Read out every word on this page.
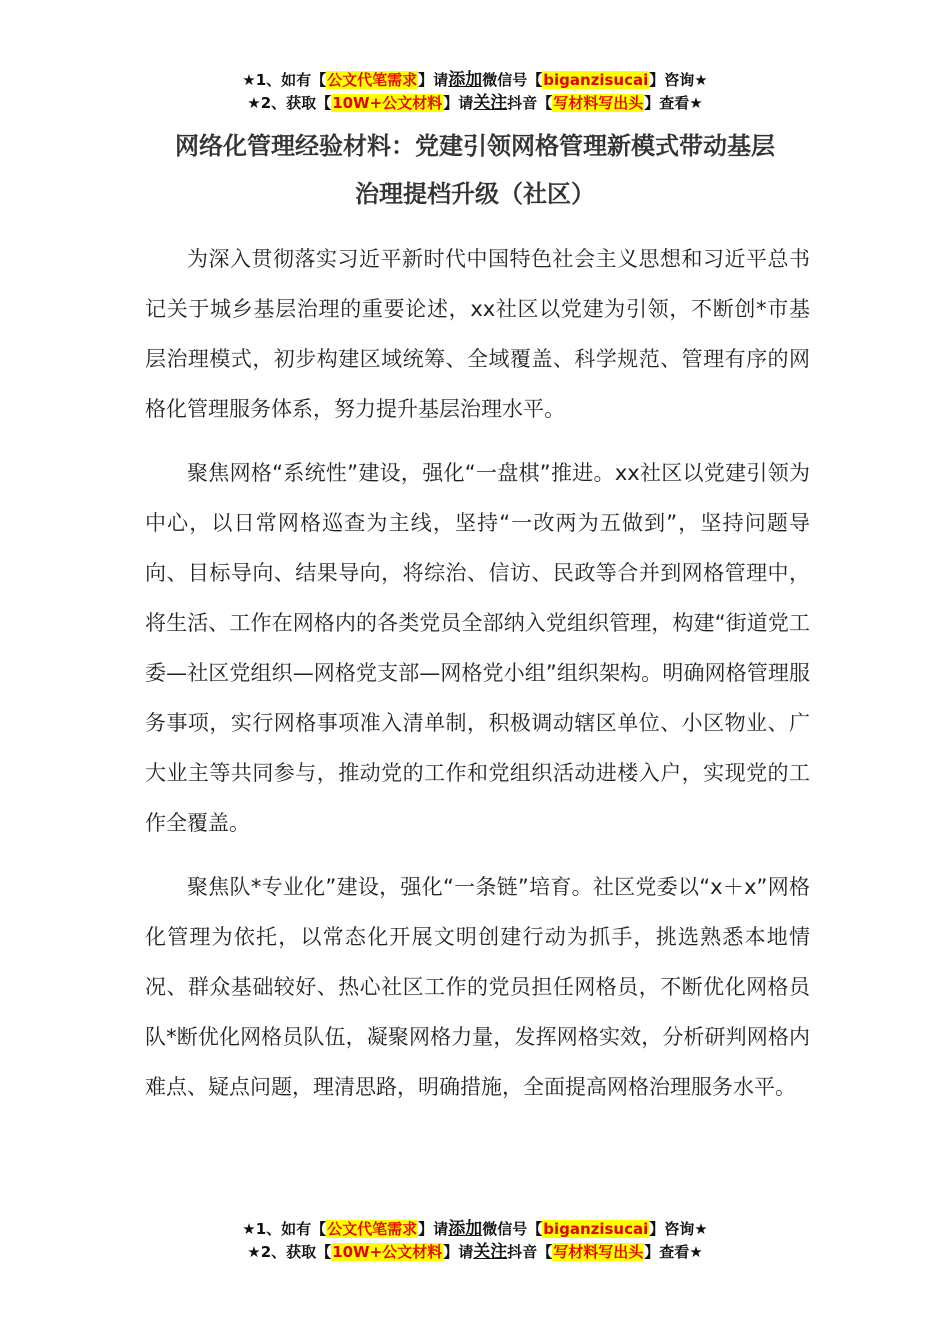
★1、如有【公文代笔需求】请添加微信号【biganzisucai】咨询★
★2、获取【10W+公文材料】请关注抖音【写材料写出头】查看★
网络化管理经验材料：党建引领网格管理新模式带动基层
治理提档升级（社区）

为深入贯彻落实习近平新时代中国特色社会主义思想和习近平总书记关于城乡基层治理的重要论述，xx社区以党建为引领，不断创*市基层治理模式，初步构建区域统筹、全域覆盖、科学规范、管理有序的网格化管理服务体系，努力提升基层治理水平。

聚焦网格“系统性”建设，强化“一盘棋”推进。xx社区以党建引领为中心，以日常网格巡查为主线，坚持“一改两为五做到”，坚持问题导向、目标导向、结果导向，将综治、信访、民政等合并到网格管理中，将生活、工作在网格内的各类党员全部纳入党组织管理，构建“街道党工委—社区党组织—网格党支部—网格党小组”组织架构。明确网格管理服务事项，实行网格事项准入清单制，积极调动辖区单位、小区物业、广大业主等共同参与，推动党的工作和党组织活动进楼入户，实现党的工作全覆盖。

聚焦队*专业化”建设，强化“一条链”培育。社区党委以“x＋x”网格化管理为依托，以常态化开展文明创建行动为抓手，挑选熟悉本地情况、群众基础较好、热心社区工作的党员担任网格员，不断优化网格员队*断优化网格员队伍，凝聚网格力量，发挥网格实效，分析研判网格内难点、疑点问题，理清思路，明确措施，全面提高网格治理服务水平。

★1、如有【公文代笔需求】请添加微信号【biganzisucai】咨询★
★2、获取【10W+公文材料】请关注抖音【写材料写出头】查看★
